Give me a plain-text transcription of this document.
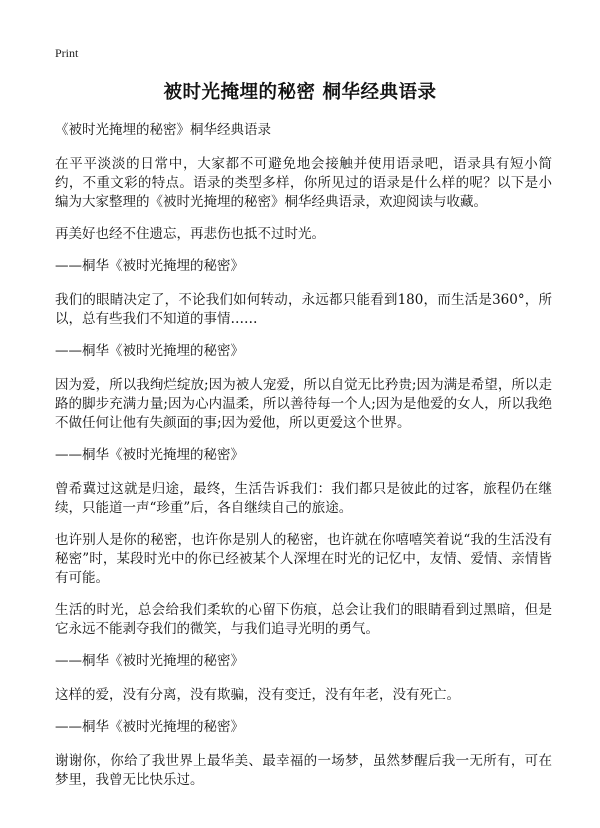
Print
被时光掩埋的秘密 桐华经典语录

《被时光掩埋的秘密》桐华经典语录

在平平淡淡的日常中，大家都不可避免地会接触并使用语录吧，语录具有短小简约，不重文彩的特点。语录的类型多样，你所见过的语录是什么样的呢？以下是小编为大家整理的《被时光掩埋的秘密》桐华经典语录，欢迎阅读与收藏。

再美好也经不住遗忘，再悲伤也抵不过时光。

——桐华《被时光掩埋的秘密》

我们的眼睛决定了，不论我们如何转动，永远都只能看到180，而生活是360°，所以，总有些我们不知道的事情……

——桐华《被时光掩埋的秘密》

因为爱，所以我绚烂绽放;因为被人宠爱，所以自觉无比矜贵;因为满是希望，所以走路的脚步充满力量;因为心内温柔，所以善待每一个人;因为是他爱的女人，所以我绝不做任何让他有失颜面的事;因为爱他，所以更爱这个世界。

——桐华《被时光掩埋的秘密》

曾希冀过这就是归途，最终，生活告诉我们：我们都只是彼此的过客，旅程仍在继续，只能道一声“珍重”后，各自继续自己的旅途。

也许别人是你的秘密，也许你是别人的秘密，也许就在你嘻嘻笑着说“我的生活没有秘密”时，某段时光中的你已经被某个人深埋在时光的记忆中，友情、爱情、亲情皆有可能。

生活的时光，总会给我们柔软的心留下伤痕，总会让我们的眼睛看到过黑暗，但是它永远不能剥夺我们的微笑，与我们追寻光明的勇气。

——桐华《被时光掩埋的秘密》

这样的爱，没有分离，没有欺骗，没有变迁，没有年老，没有死亡。

——桐华《被时光掩埋的秘密》

谢谢你，你给了我世界上最华美、最幸福的一场梦，虽然梦醒后我一无所有，可在梦里，我曾无比快乐过。
